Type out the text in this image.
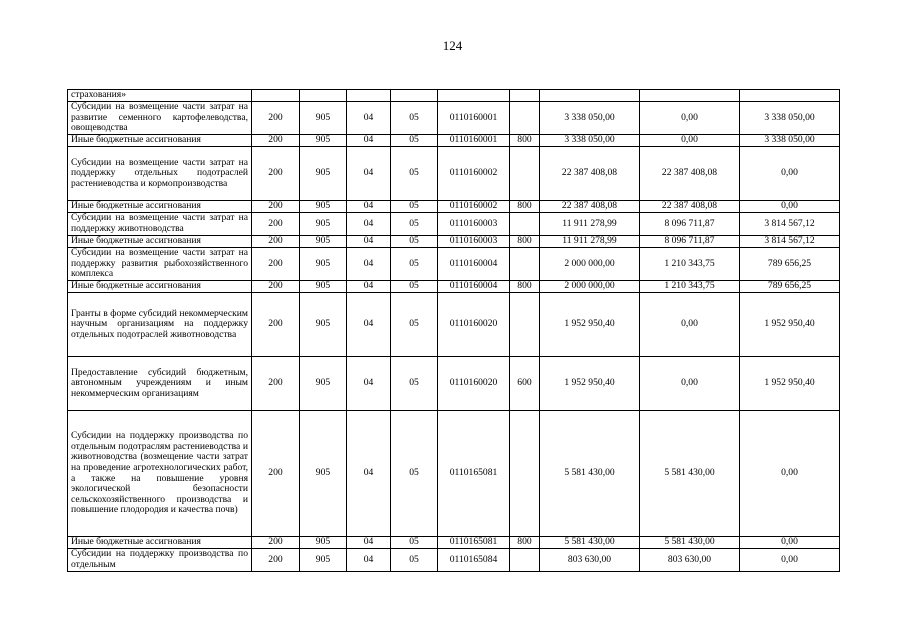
124
страхования»									
Субсидии на возмещение части затрат на развитие семенного картофелеводства, овощеводства	200	905	04	05	0110160001		3 338 050,00	0,00	3 338 050,00
Иные бюджетные ассигнования	200	905	04	05	0110160001	800	3 338 050,00	0,00	3 338 050,00
Субсидии на возмещение части затрат на поддержку отдельных подотраслей растениеводства и кормопроизводства	200	905	04	05	0110160002		22 387 408,08	22 387 408,08	0,00
Иные бюджетные ассигнования	200	905	04	05	0110160002	800	22 387 408,08	22 387 408,08	0,00
Субсидии на возмещение части затрат на поддержку животноводства	200	905	04	05	0110160003		11 911 278,99	8 096 711,87	3 814 567,12
Иные бюджетные ассигнования	200	905	04	05	0110160003	800	11 911 278,99	8 096 711,87	3 814 567,12
Субсидии на возмещение части затрат на поддержку развития рыбохозяйственного комплекса	200	905	04	05	0110160004		2 000 000,00	1 210 343,75	789 656,25
Иные бюджетные ассигнования	200	905	04	05	0110160004	800	2 000 000,00	1 210 343,75	789 656,25
Гранты в форме субсидий некоммерческим научным организациям на поддержку отдельных подотраслей животноводства	200	905	04	05	0110160020		1 952 950,40	0,00	1 952 950,40
Предоставление субсидий бюджетным, автономным учреждениям и иным некоммерческим организациям	200	905	04	05	0110160020	600	1 952 950,40	0,00	1 952 950,40
Субсидии на поддержку производства по отдельным подотраслям растениеводства и животноводства (возмещение части затрат на проведение агротехнологических работ, а также на повышение уровня экологической безопасности сельскохозяйственного производства и повышение плодородия и качества почв)	200	905	04	05	0110165081		5 581 430,00	5 581 430,00	0,00
Иные бюджетные ассигнования	200	905	04	05	0110165081	800	5 581 430,00	5 581 430,00	0,00
Субсидии на поддержку производства по отдельным	200	905	04	05	0110165084		803 630,00	803 630,00	0,00
